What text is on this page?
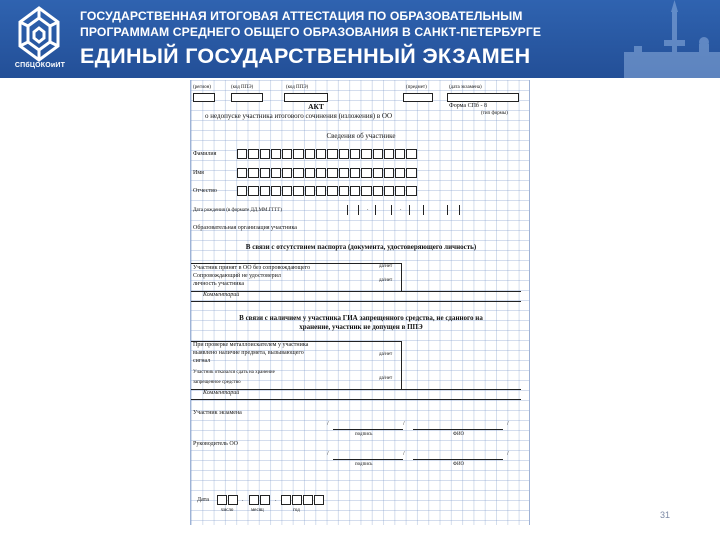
СПбЦОКОиИТ
ГОСУДАРСТВЕННАЯ ИТОГОВАЯ АТТЕСТАЦИЯ ПО ОБРАЗОВАТЕЛЬНЫМ
ПРОГРАММАМ СРЕДНЕГО ОБЩЕГО ОБРАЗОВАНИЯ В САНКТ-ПЕТЕРБУРГЕ
ЕДИНЫЙ ГОСУДАРСТВЕННЫЙ ЭКЗАМЕН
(регион)	(код ППЭ)	(код ППЭ)	(предмет)	(дата экзамена)
АКТ	Форма СПб - 8
(тип формы)
о недопуске участника итогового сочинения (изложения) в ОО
Сведения об участнике
Фамилия
Имя
Отчество
Дата рождения (в формате ДД.ММ.ГГГГ)	.	.
Образовательная организация участника
В связи с отсутствием паспорта (документа, удостоверяющего личность)
Участник принят в ОО без сопровождающего	да/нет
Сопровождающий не удостоверил
да/нет
личность участника
Комментарий
В связи с наличием у участника ГИА запрещенного средства, не сданного на
хранение, участник не допущен в ППЭ
При проверке металлоискателем у участника
выявлено наличие предмета, вызывающего	да/нет
сигнал
Участник отказался сдать на хранение
да/нет
запрещенное средство
Комментарий
Участник экзамена
/	/	/
подпись	ФИО
Руководитель ОО
/	/	/
подпись	ФИО
Дата	.	.
число	месяц	год	31
